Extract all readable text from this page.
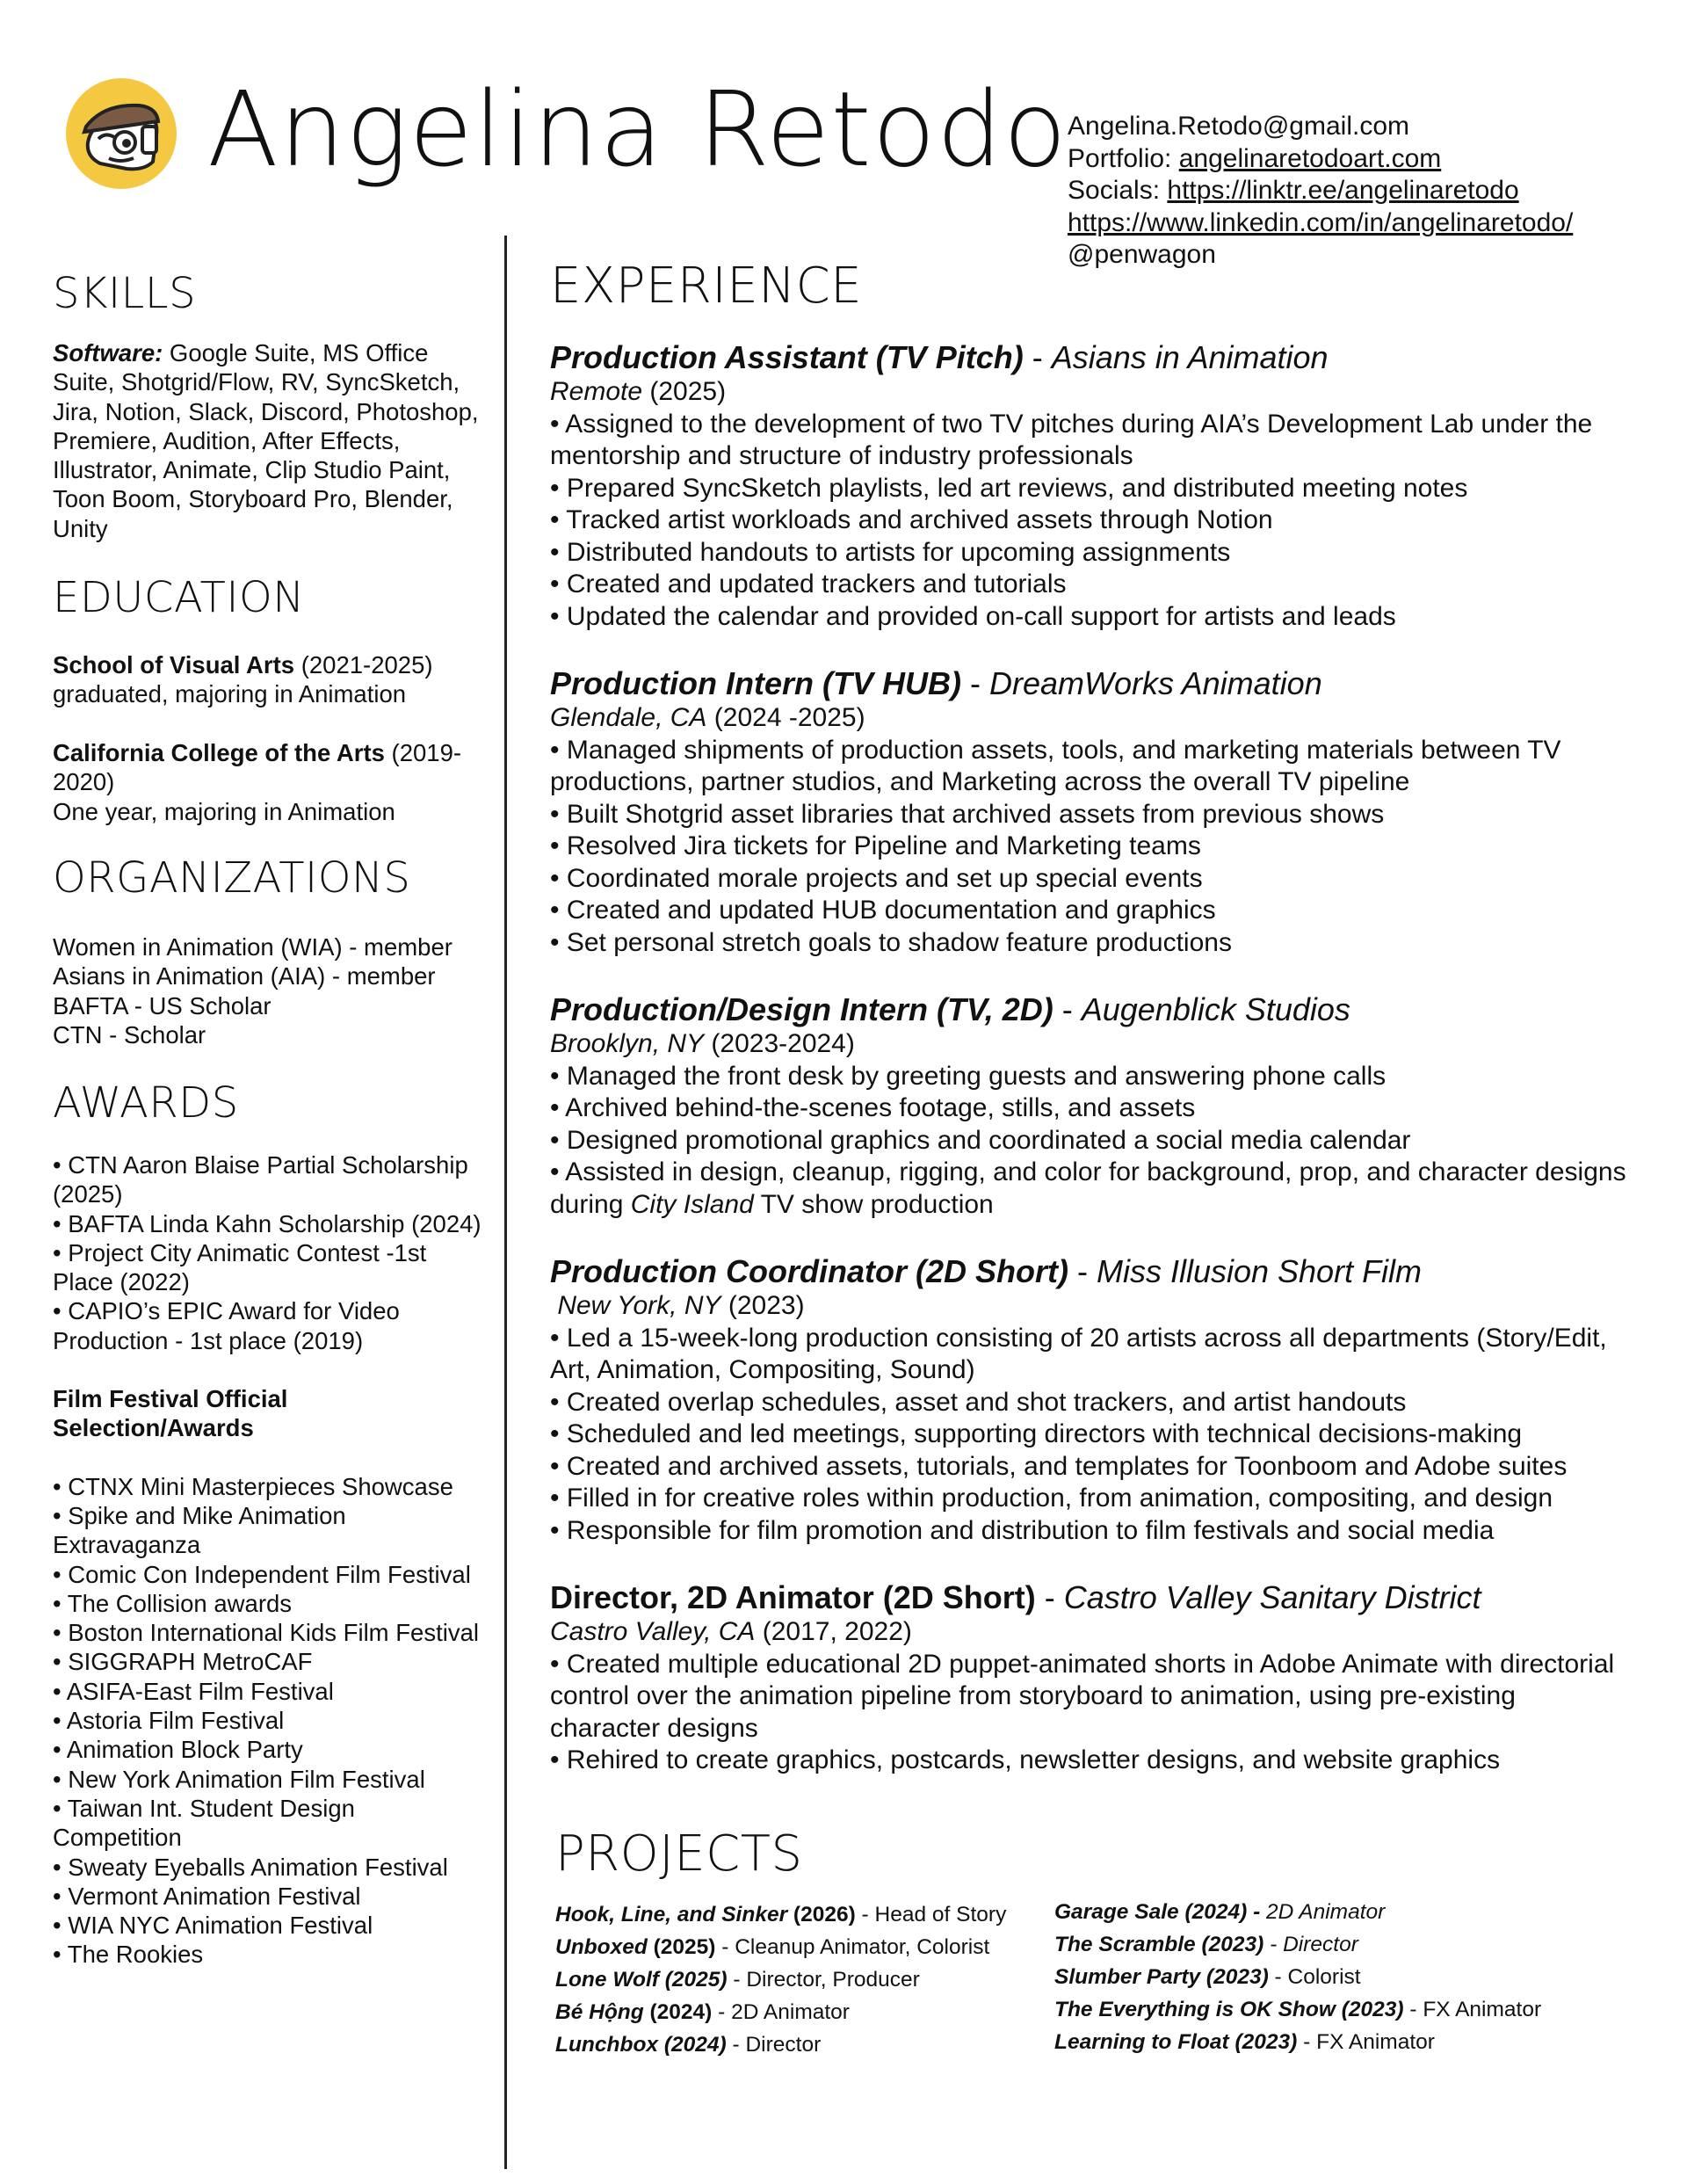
Angelina Retodo Angelina.Retodo@gmail.com
Portfolio: angelinaretodoart.com
Socials: https://linktr.ee/angelinaretodo
https://www.linkedin.com/in/angelinaretodo/
@penwagon
SKILLS

Software: Google Suite, MS Office Suite, Shotgrid/Flow, RV, SyncSketch, Jira, Notion, Slack, Discord, Photoshop, Premiere, Audition, After Effects, Illustrator, Animate, Clip Studio Paint, Toon Boom, Storyboard Pro, Blender, Unity

EDUCATION

School of Visual Arts (2021-2025)

graduated, majoring in Animation

California College of the Arts (2019-2020)

One year, majoring in Animation

ORGANIZATIONS

Women in Animation (WIA) - member

Asians in Animation (AIA) - member

BAFTA - US Scholar

CTN - Scholar

AWARDS

• CTN Aaron Blaise Partial Scholarship (2025)

• BAFTA Linda Kahn Scholarship (2024)

• Project City Animatic Contest -1st Place (2022)

• CAPIO’s EPIC Award for Video Production - 1st place (2019)

Film Festival Official Selection/Awards

• CTNX Mini Masterpieces Showcase

• Spike and Mike Animation Extravaganza

• Comic Con Independent Film Festival

• The Collision awards

• Boston International Kids Film Festival

• SIGGRAPH MetroCAF

• ASIFA-East Film Festival

• Astoria Film Festival

• Animation Block Party

• New York Animation Film Festival

• Taiwan Int. Student Design Competition

• Sweaty Eyeballs Animation Festival

• Vermont Animation Festival

• WIA NYC Animation Festival

• The Rookies

EXPERIENCE
Production Assistant (TV Pitch) - Asians in Animation
Remote (2025)
• Assigned to the development of two TV pitches during AIA’s Development Lab under the mentorship and structure of industry professionals
• Prepared SyncSketch playlists, led art reviews, and distributed meeting notes
• Tracked artist workloads and archived assets through Notion
• Distributed handouts to artists for upcoming assignments
• Created and updated trackers and tutorials
• Updated the calendar and provided on-call support for artists and leads
Production Intern (TV HUB) - DreamWorks Animation
Glendale, CA (2024 -2025)
• Managed shipments of production assets, tools, and marketing materials between TV productions, partner studios, and Marketing across the overall TV pipeline
• Built Shotgrid asset libraries that archived assets from previous shows
• Resolved Jira tickets for Pipeline and Marketing teams
• Coordinated morale projects and set up special events
• Created and updated HUB documentation and graphics
• Set personal stretch goals to shadow feature productions
Production/Design Intern (TV, 2D) - Augenblick Studios
Brooklyn, NY (2023-2024)
• Managed the front desk by greeting guests and answering phone calls
• Archived behind-the-scenes footage, stills, and assets
• Designed promotional graphics and coordinated a social media calendar
• Assisted in design, cleanup, rigging, and color for background, prop, and character designs during City Island TV show production
Production Coordinator (2D Short) - Miss Illusion Short Film
New York, NY (2023)
• Led a 15-week-long production consisting of 20 artists across all departments (Story/Edit, Art, Animation, Compositing, Sound)
• Created overlap schedules, asset and shot trackers, and artist handouts
• Scheduled and led meetings, supporting directors with technical decisions-making
• Created and archived assets, tutorials, and templates for Toonboom and Adobe suites
• Filled in for creative roles within production, from animation, compositing, and design
• Responsible for film promotion and distribution to film festivals and social media
Director, 2D Animator (2D Short) - Castro Valley Sanitary District
Castro Valley, CA (2017, 2022)
• Created multiple educational 2D puppet-animated shorts in Adobe Animate with directorial control over the animation pipeline from storyboard to animation, using pre-existing character designs
• Rehired to create graphics, postcards, newsletter designs, and website graphics
PROJECTS
Hook, Line, and Sinker (2026) - Head of Story
Unboxed (2025) - Cleanup Animator, Colorist
Lone Wolf (2025) - Director, Producer
Bé Hộng (2024) - 2D Animator
Lunchbox (2024) - Director
Garage Sale (2024) - 2D Animator
The Scramble (2023) - Director
Slumber Party (2023) - Colorist
The Everything is OK Show (2023) - FX Animator
Learning to Float (2023) - FX Animator
